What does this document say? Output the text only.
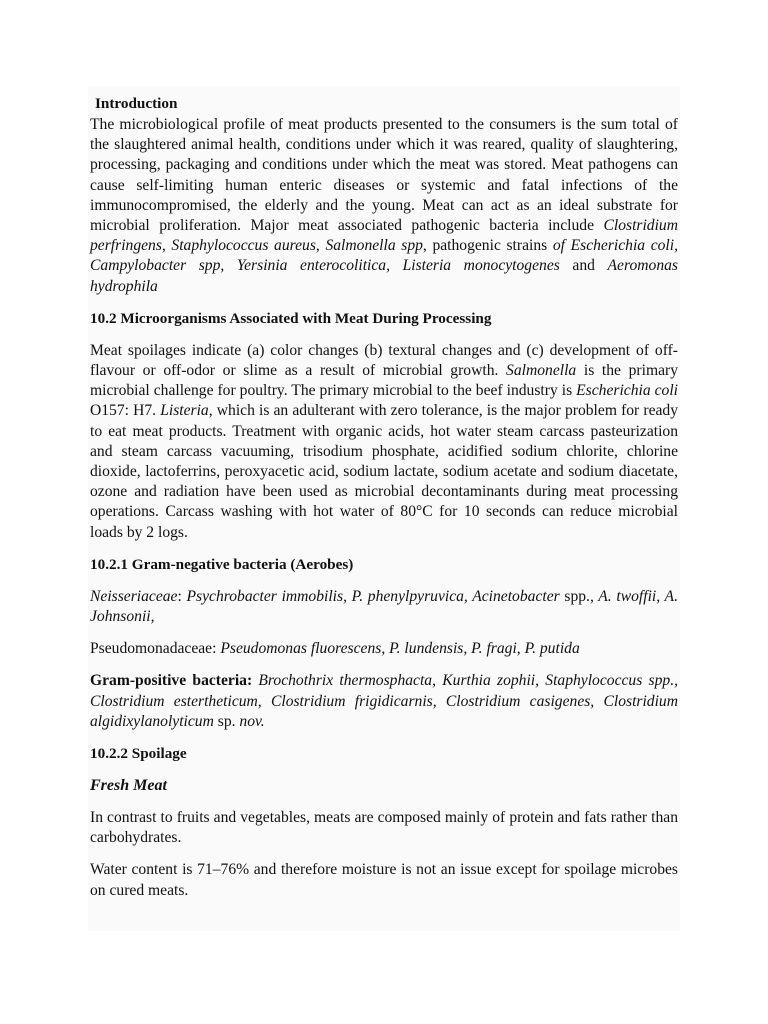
Introduction

The microbiological profile of meat products presented to the consumers is the sum total of the slaughtered animal health, conditions under which it was reared, quality of slaughtering, processing, packaging and conditions under which the meat was stored. Meat pathogens can cause self-limiting human enteric diseases or systemic and fatal infections of the immunocompromised, the elderly and the young. Meat can act as an ideal substrate for microbial proliferation. Major meat associated pathogenic bacteria include Clostridium perfringens, Staphylococcus aureus, Salmonella spp, pathogenic strains of Escherichia coli, Campylobacter spp, Yersinia enterocolitica, Listeria monocytogenes and Aeromonas hydrophila

10.2 Microorganisms Associated with Meat During Processing

Meat spoilages indicate (a) color changes (b) textural changes and (c) development of off-flavour or off-odor or slime as a result of microbial growth. Salmonella is the primary microbial challenge for poultry. The primary microbial to the beef industry is Escherichia coli O157: H7. Listeria, which is an adulterant with zero tolerance, is the major problem for ready to eat meat products. Treatment with organic acids, hot water steam carcass pasteurization and steam carcass vacuuming, trisodium phosphate, acidified sodium chlorite, chlorine dioxide, lactoferrins, peroxyacetic acid, sodium lactate, sodium acetate and sodium diacetate, ozone and radiation have been used as microbial decontaminants during meat processing operations. Carcass washing with hot water of 80°C for 10 seconds can reduce microbial loads by 2 logs.

10.2.1 Gram-negative bacteria (Aerobes)

Neisseriaceae: Psychrobacter immobilis, P. phenylpyruvica, Acinetobacter spp., A. twoffii, A. Johnsonii,

Pseudomonadaceae: Pseudomonas fluorescens, P. lundensis, P. fragi, P. putida

Gram-positive bacteria: Brochothrix thermosphacta, Kurthia zophii, Staphylococcus spp., Clostridium estertheticum, Clostridium frigidicarnis, Clostridium casigenes, Clostridium algidixylanolyticum sp. nov.

10.2.2 Spoilage
Fresh Meat

In contrast to fruits and vegetables, meats are composed mainly of protein and fats rather than carbohydrates.

Water content is 71–76% and therefore moisture is not an issue except for spoilage microbes on cured meats.
